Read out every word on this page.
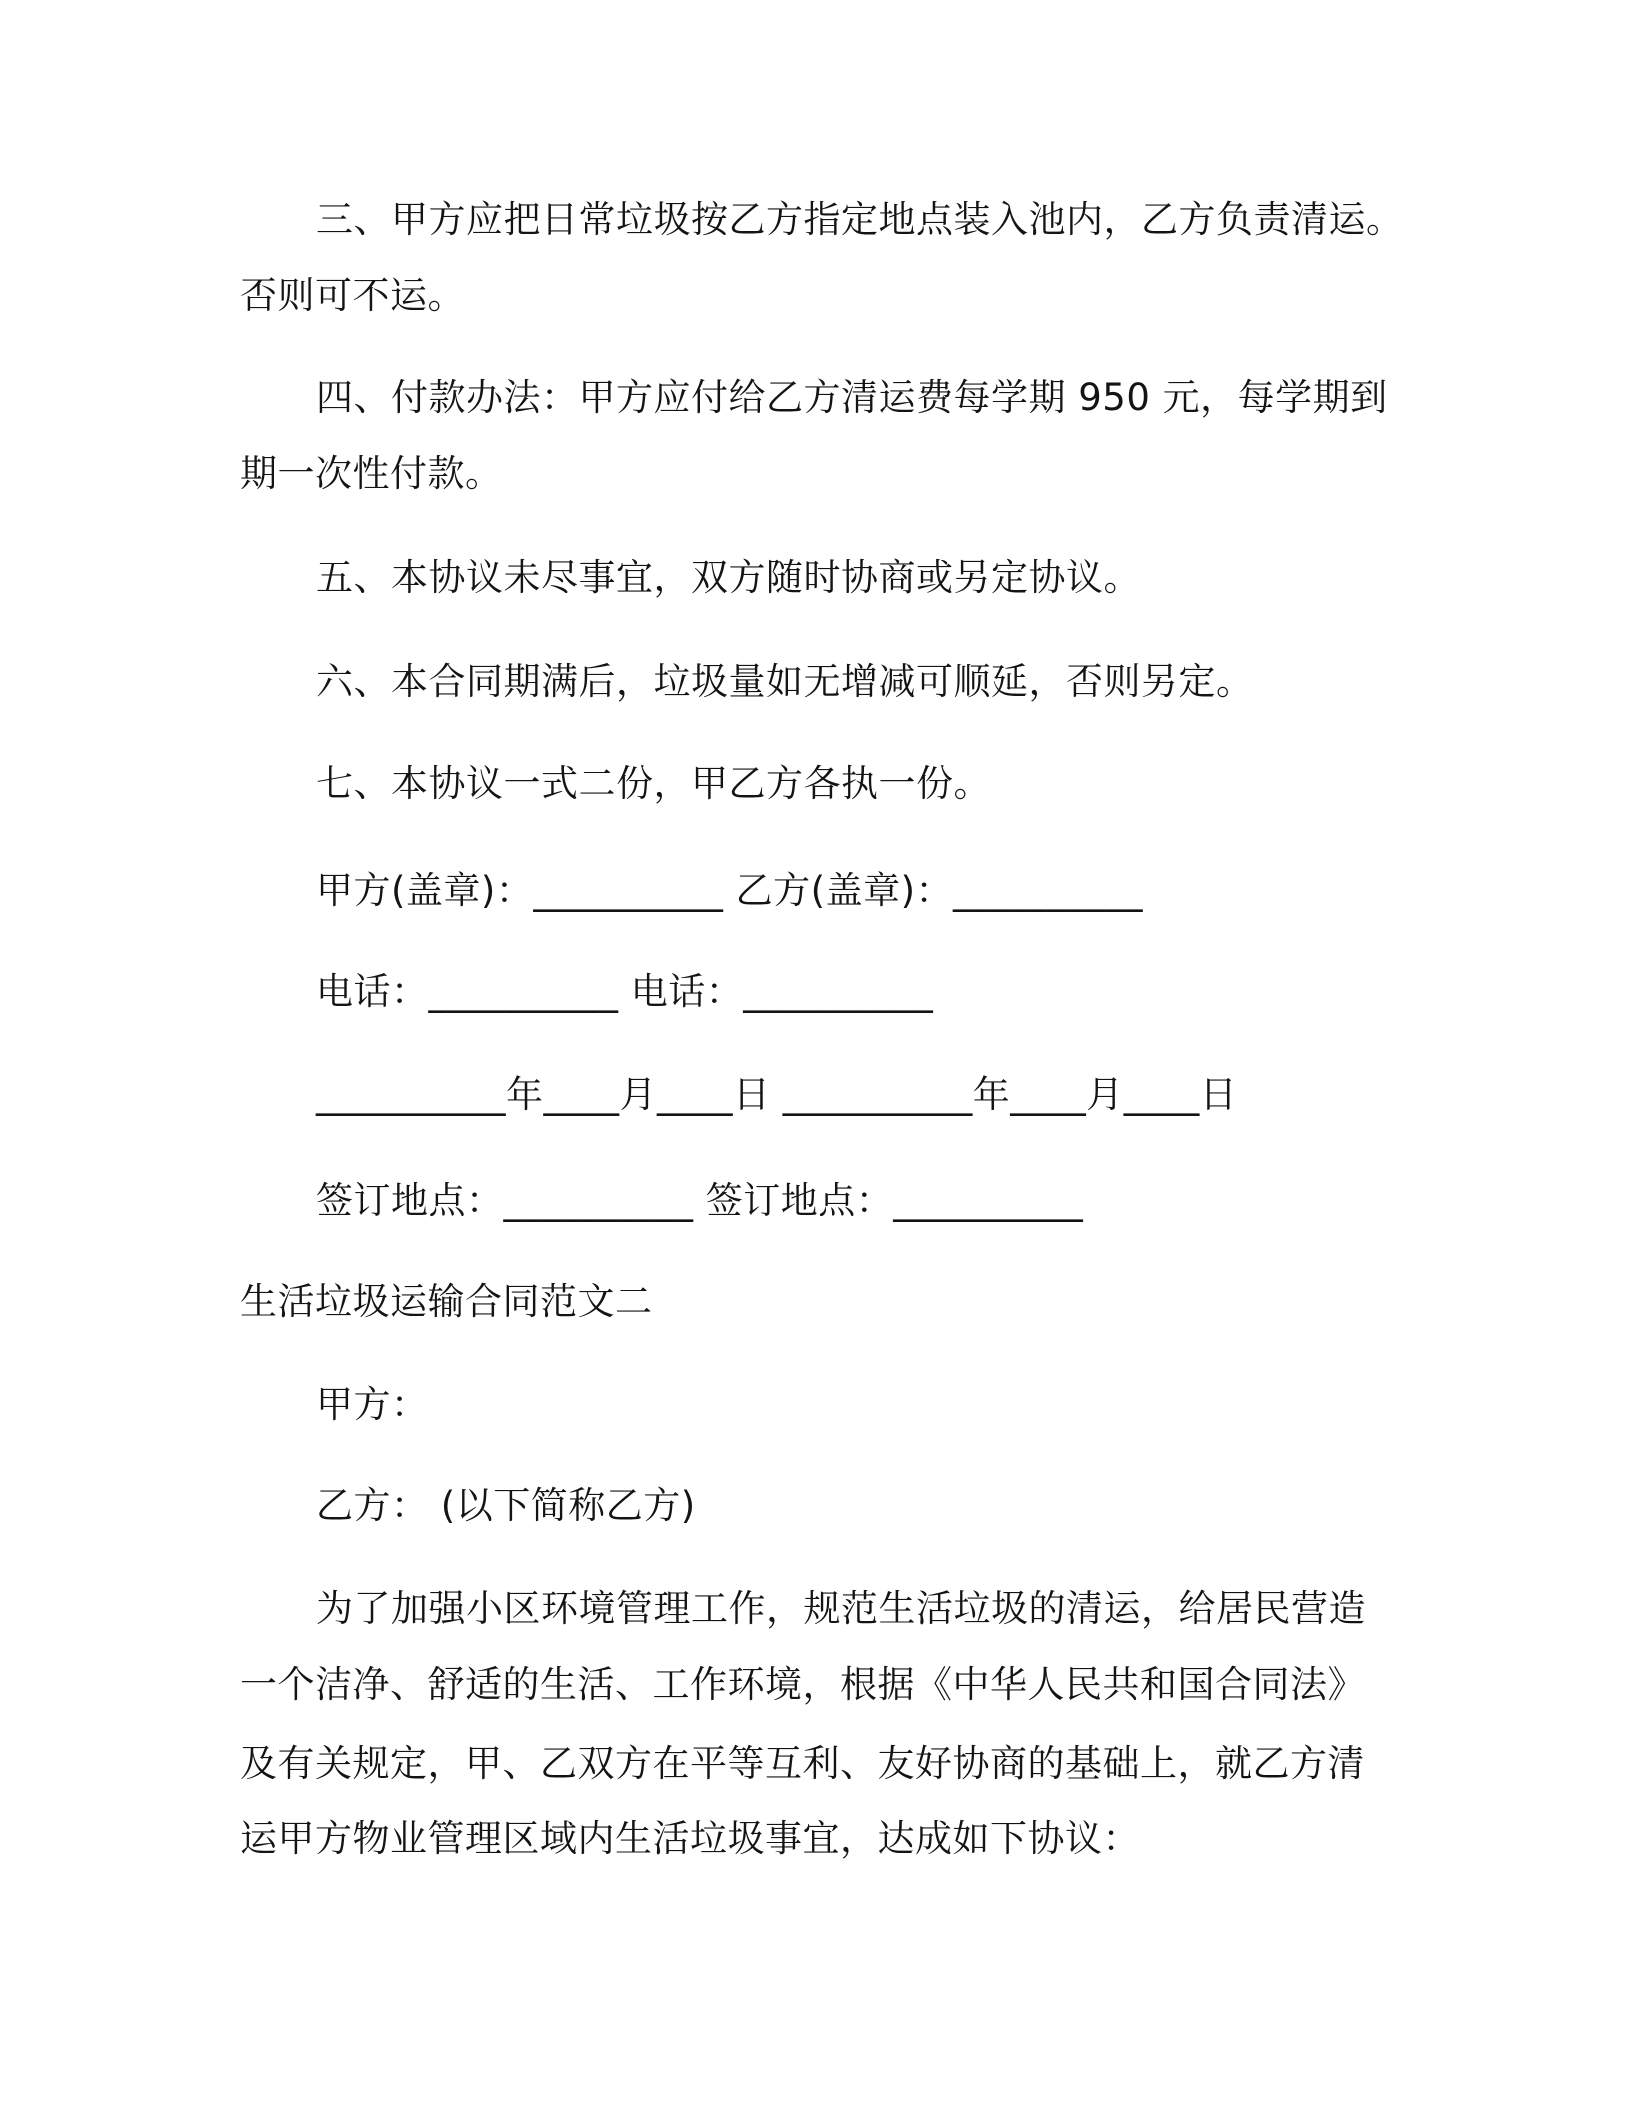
三、甲方应把日常垃圾按乙方指定地点装入池内，乙方负责清运。
否则可不运。
四、付款办法：甲方应付给乙方清运费每学期 950 元，每学期到
期一次性付款。
五、本协议未尽事宜，双方随时协商或另定协议。
六、本合同期满后，垃圾量如无增减可顺延，否则另定。
七、本协议一式二份，甲乙方各执一份。
甲方(盖章)：__________ 乙方(盖章)：__________
电话：__________ 电话：__________
__________年____月____日 __________年____月____日
签订地点：__________ 签订地点：__________
生活垃圾运输合同范文二
甲方：
乙方： (以下简称乙方)
为了加强小区环境管理工作，规范生活垃圾的清运，给居民营造
一个洁净、舒适的生活、工作环境，根据《中华人民共和国合同法》
及有关规定，甲、乙双方在平等互利、友好协商的基础上，就乙方清
运甲方物业管理区域内生活垃圾事宜，达成如下协议：
